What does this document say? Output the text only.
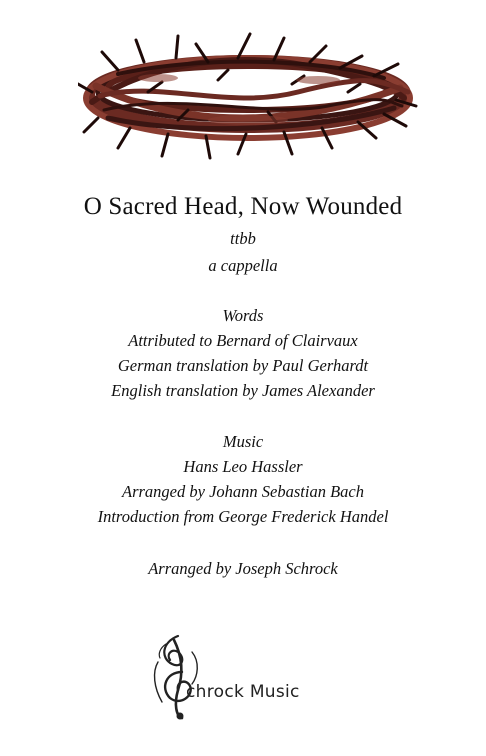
O Sacred Head, Now Wounded
ttbb
a cappella
Words
Attributed to Bernard of Clairvaux
German translation by Paul Gerhardt
English translation by James Alexander
Music
Hans Leo Hassler
Arranged by Johann Sebastian Bach
Introduction from George Frederick Handel
Arranged by Joseph Schrock
chrock Music
